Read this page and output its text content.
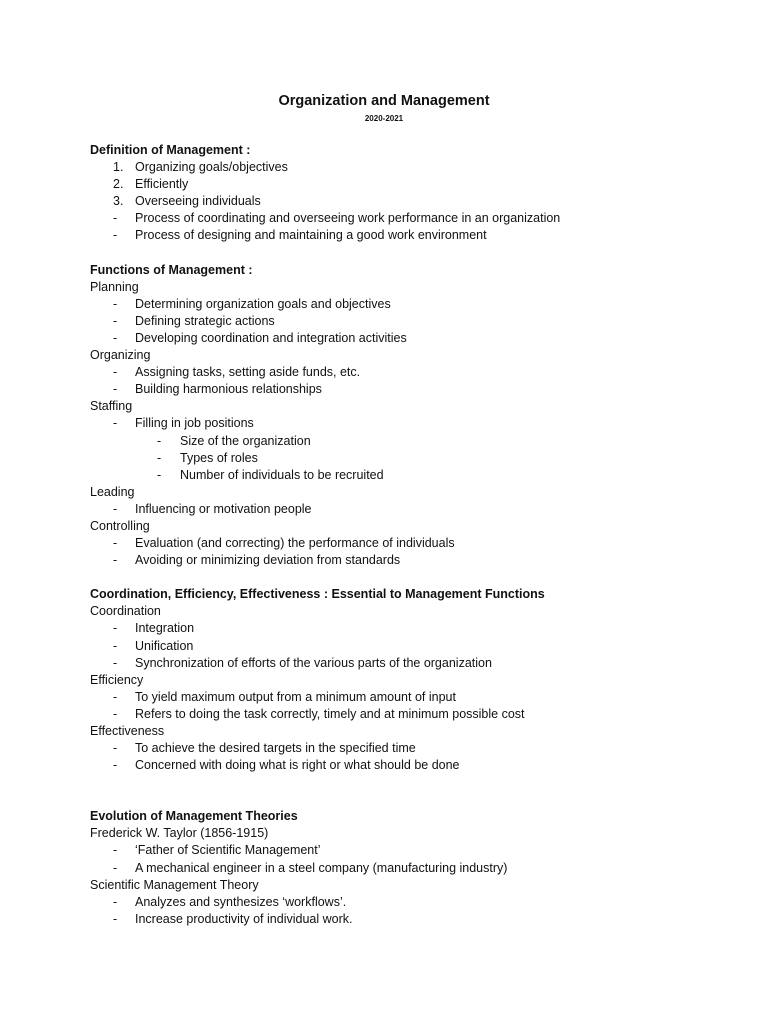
Organization and Management
2020-2021
Definition of Management :
1. Organizing goals/objectives
2. Efficiently
3. Overseeing individuals
- Process of coordinating and overseeing work performance in an organization
- Process of designing and maintaining a good work environment
Functions of Management :
Planning
- Determining organization goals and objectives
- Defining strategic actions
- Developing coordination and integration activities
Organizing
- Assigning tasks, setting aside funds, etc.
- Building harmonious relationships
Staffing
- Filling in job positions
- Size of the organization
- Types of roles
- Number of individuals to be recruited
Leading
- Influencing or motivation people
Controlling
- Evaluation (and correcting) the performance of individuals
- Avoiding or minimizing deviation from standards
Coordination, Efficiency, Effectiveness : Essential to Management Functions
Coordination
- Integration
- Unification
- Synchronization of efforts of the various parts of the organization
Efficiency
- To yield maximum output from a minimum amount of input
- Refers to doing the task correctly, timely and at minimum possible cost
Effectiveness
- To achieve the desired targets in the specified time
- Concerned with doing what is right or what should be done
Evolution of Management Theories
Frederick W. Taylor (1856-1915)
- ‘Father of Scientific Management’
- A mechanical engineer in a steel company (manufacturing industry)
Scientific Management Theory
- Analyzes and synthesizes ‘workflows’.
- Increase productivity of individual work.
